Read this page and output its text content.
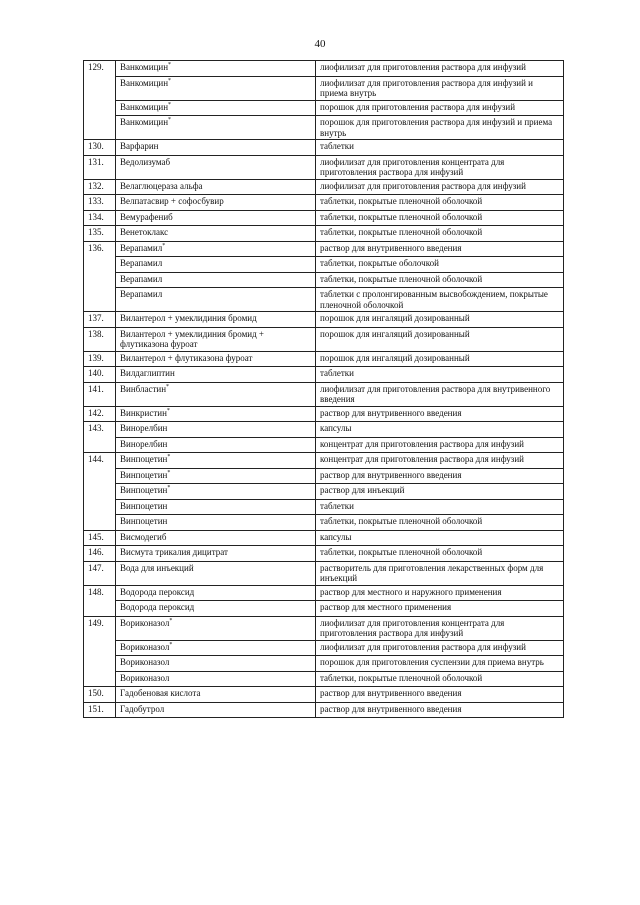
40
129.	Ванкомицин*	лиофилизат для приготовления раствора для инфузий
	Ванкомицин*	лиофилизат для приготовления раствора для инфузий и приема внутрь
	Ванкомицин*	порошок для приготовления раствора для инфузий
	Ванкомицин*	порошок для приготовления раствора для инфузий и приема внутрь
130.	Варфарин	таблетки
131.	Ведолизумаб	лиофилизат для приготовления концентрата для приготовления раствора для инфузий
132.	Велаглюцераза альфа	лиофилизат для приготовления раствора для инфузий
133.	Велпатасвир + софосбувир	таблетки, покрытые пленочной оболочкой
134.	Вемурафениб	таблетки, покрытые пленочной оболочкой
135.	Венетоклакс	таблетки, покрытые пленочной оболочкой
136.	Верапамил*	раствор для внутривенного введения
	Верапамил	таблетки, покрытые оболочкой
	Верапамил	таблетки, покрытые пленочной оболочкой
	Верапамил	таблетки с пролонгированным высвобождением, покрытые пленочной оболочкой
137.	Вилантерол + умеклидиния бромид	порошок для ингаляций дозированный
138.	Вилантерол + умеклидиния бромид + флутиказона фуроат	порошок для ингаляций дозированный
139.	Вилантерол + флутиказона фуроат	порошок для ингаляций дозированный
140.	Вилдаглиптин	таблетки
141.	Винбластин*	лиофилизат для приготовления раствора для внутривенного введения
142.	Винкристин*	раствор для внутривенного введения
143.	Винорелбин	капсулы
	Винорелбин	концентрат для приготовления раствора для инфузий
144.	Винпоцетин*	концентрат для приготовления раствора для инфузий
	Винпоцетин*	раствор для внутривенного введения
	Винпоцетин*	раствор для инъекций
	Винпоцетин	таблетки
	Винпоцетин	таблетки, покрытые пленочной оболочкой
145.	Висмодегиб	капсулы
146.	Висмута трикалия дицитрат	таблетки, покрытые пленочной оболочкой
147.	Вода для инъекций	растворитель для приготовления лекарственных форм для инъекций
148.	Водорода пероксид	раствор для местного и наружного применения
	Водорода пероксид	раствор для местного применения
149.	Вориконазол*	лиофилизат для приготовления концентрата для приготовления раствора для инфузий
	Вориконазол*	лиофилизат для приготовления раствора для инфузий
	Вориконазол	порошок для приготовления суспензии для приема внутрь
	Вориконазол	таблетки, покрытые пленочной оболочкой
150.	Гадобеновая кислота	раствор для внутривенного введения
151.	Гадобутрол	раствор для внутривенного введения
